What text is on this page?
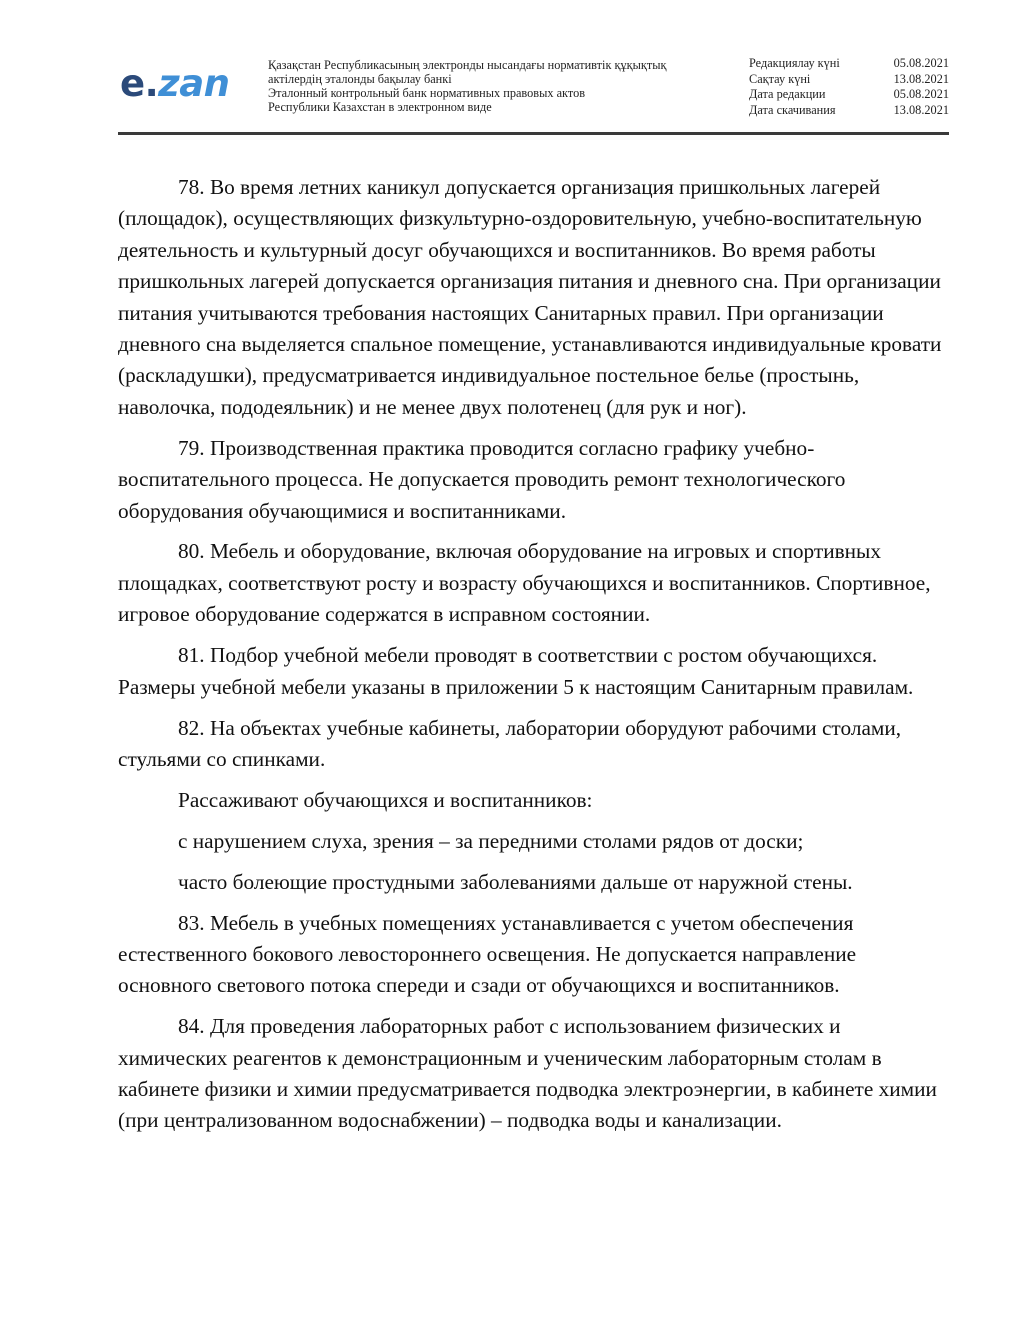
e.zan	Қазақстан Республикасының электронды нысандағы нормативтік құқықтық
актілердің эталонды бақылау банкі
Эталонный контрольный банк нормативных правовых актов
Республики Казахстан в электронном виде
Редакциялау күні	05.08.2021
Сақтау күні	13.08.2021
Дата редакции	05.08.2021
Дата скачивания	13.08.2021

78. Во время летних каникул допускается организация пришкольных лагерей (площадок), осуществляющих физкультурно-оздоровительную, учебно-воспитательную деятельность и культурный досуг обучающихся и воспитанников. Во время работы пришкольных лагерей допускается организация питания и дневного сна. При организации питания учитываются требования настоящих Санитарных правил. При организации дневного сна выделяется спальное помещение, устанавливаются индивидуальные кровати (раскладушки), предусматривается индивидуальное постельное белье (простынь, наволочка, пододеяльник) и не менее двух полотенец (для рук и ног).

79. Производственная практика проводится согласно графику учебно-воспитательного процесса. Не допускается проводить ремонт технологического оборудования обучающимися и воспитанниками.

80. Мебель и оборудование, включая оборудование на игровых и спортивных площадках, соответствуют росту и возрасту обучающихся и воспитанников. Спортивное, игровое оборудование содержатся в исправном состоянии.

81. Подбор учебной мебели проводят в соответствии с ростом обучающихся. Размеры учебной мебели указаны в приложении 5 к настоящим Санитарным правилам.

82. На объектах учебные кабинеты, лаборатории оборудуют рабочими столами, стульями со спинками.

Рассаживают обучающихся и воспитанников:

с нарушением слуха, зрения – за передними столами рядов от доски;

часто болеющие простудными заболеваниями дальше от наружной стены.

83. Мебель в учебных помещениях устанавливается с учетом обеспечения естественного бокового левостороннего освещения. Не допускается направление основного светового потока спереди и сзади от обучающихся и воспитанников.

84. Для проведения лабораторных работ с использованием физических и химических реагентов к демонстрационным и ученическим лабораторным столам в кабинете физики и химии предусматривается подводка электроэнергии, в кабинете химии (при централизованном водоснабжении) – подводка воды и канализации.
